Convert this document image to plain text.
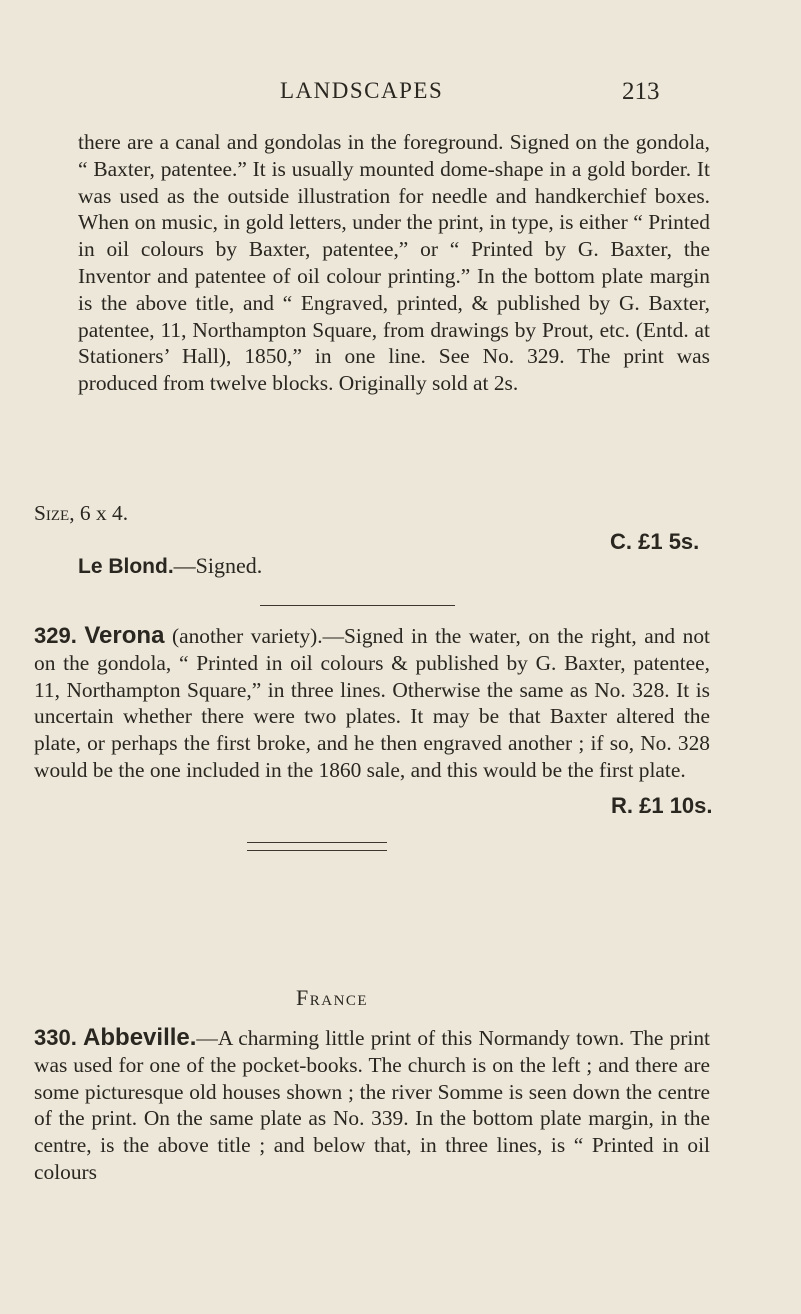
LANDSCAPES	213
there are a canal and gondolas in the foreground. Signed on the gondola, “ Baxter, patentee.” It is usually mounted dome-shape in a gold border. It was used as the outside illustration for needle and handkerchief boxes. When on music, in gold letters, under the print, in type, is either “ Printed in oil colours by Baxter, patentee,” or “ Printed by G. Baxter, the Inventor and patentee of oil colour printing.” In the bottom plate margin is the above title, and “ Engraved, printed, & published by G. Baxter, patentee, 11, Northampton Square, from drawings by Prout, etc. (Entd. at Stationers’ Hall), 1850,” in one line. See No. 329. The print was produced from twelve blocks. Originally sold at 2s.
Size, 6 x 4.
C. £1 5s.
Le Blond.—Signed.
329. Verona (another variety).—Signed in the water, on the right, and not on the gondola, “ Printed in oil colours & published by G. Baxter, patentee, 11, Northampton Square,” in three lines. Otherwise the same as No. 328. It is uncertain whether there were two plates. It may be that Baxter altered the plate, or perhaps the first broke, and he then engraved another ; if so, No. 328 would be the one included in the 1860 sale, and this would be the first plate.
R. £1 10s.
France
330. Abbeville.—A charming little print of this Normandy town. The print was used for one of the pocket-books. The church is on the left ; and there are some picturesque old houses shown ; the river Somme is seen down the centre of the print. On the same plate as No. 339. In the bottom plate margin, in the centre, is the above title ; and below that, in three lines, is “ Printed in oil colours
